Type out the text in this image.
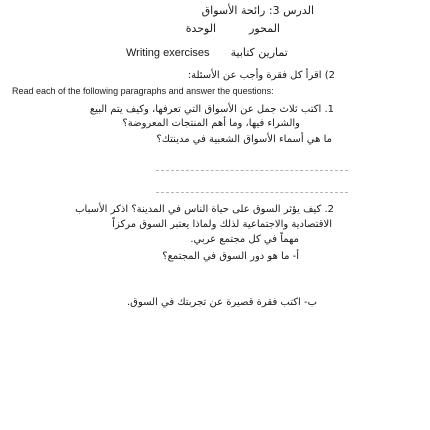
الدرس 3: رائحة الأسواق
المحور  الوحدة
Writing exercises تمارين كتابية
2) اقرأ كل فقرة وأجب عن الأسئلة:
Read each of the following paragraphs and answer the questions:
1. اكتب ثلاث جمل عن الأسواق التي تعرفها، وكيف يتم البيع
والشراء فيها، وما أهم المنتجات المعروضة؟
ما هي أسماء الأسواق الشعبية في مدينتك؟
2. كيف يؤثر السوق على حياة الناس في المدينة؟ اذكر الأسباب
الاقتصادية والاجتماعية لذلك ولماذا يعتبر السوق مركزاً
مهماً في كل مجتمع عربي.
أ- ما هو دور السوق في المجتمع؟
ب- اكتب فقرة قصيرة عن تجربتك في السوق.
